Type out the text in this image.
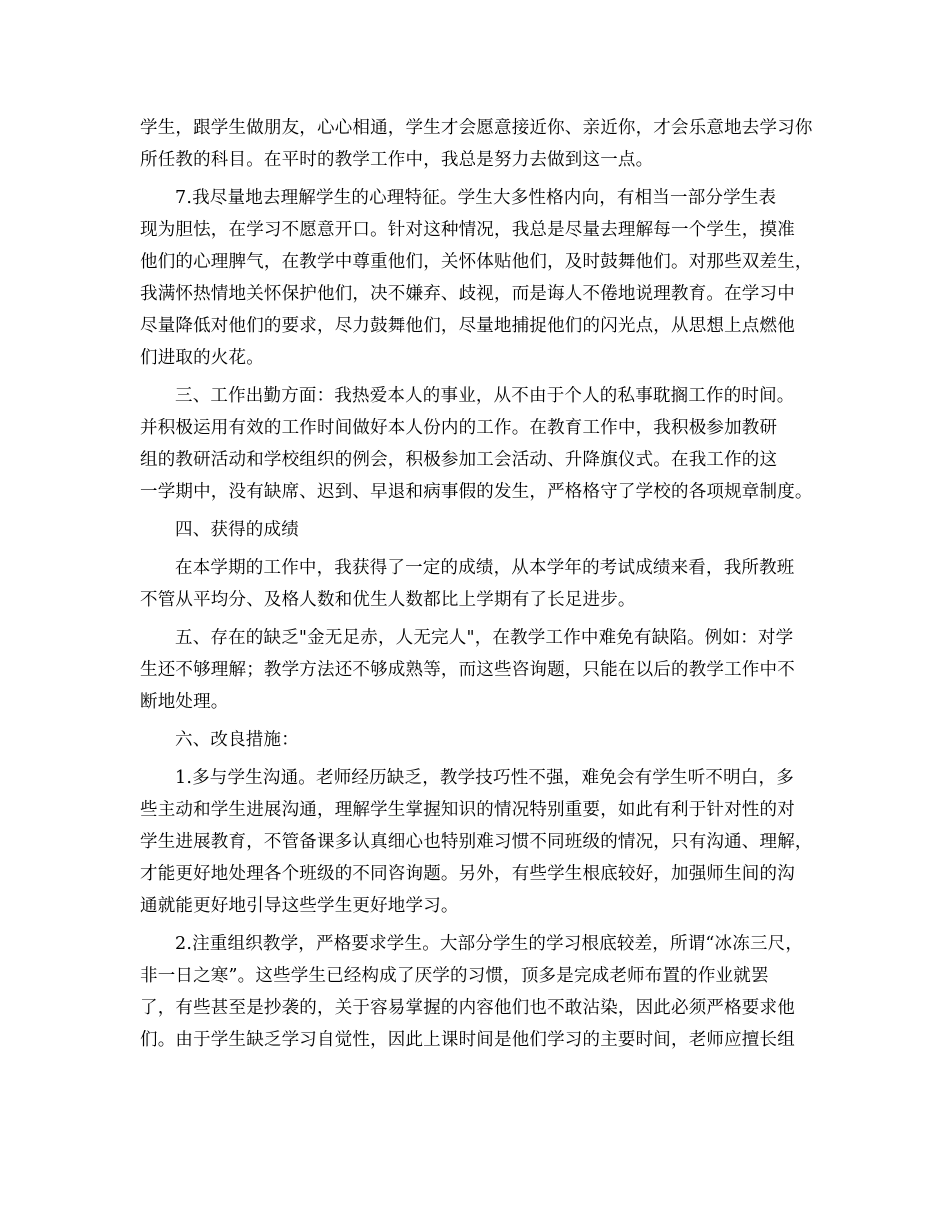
学生，跟学生做朋友，心心相通，学生才会愿意接近你、亲近你，才会乐意地去学习你
所任教的科目。在平时的教学工作中，我总是努力去做到这一点。
7.我尽量地去理解学生的心理特征。学生大多性格内向，有相当一部分学生表
现为胆怯，在学习不愿意开口。针对这种情况，我总是尽量去理解每一个学生，摸准
他们的心理脾气，在教学中尊重他们，关怀体贴他们，及时鼓舞他们。对那些双差生，
我满怀热情地关怀保护他们，决不嫌弃、歧视，而是诲人不倦地说理教育。在学习中
尽量降低对他们的要求，尽力鼓舞他们，尽量地捕捉他们的闪光点，从思想上点燃他
们进取的火花。
三、工作出勤方面：我热爱本人的事业，从不由于个人的私事耽搁工作的时间。
并积极运用有效的工作时间做好本人份内的工作。在教育工作中，我积极参加教研
组的教研活动和学校组织的例会，积极参加工会活动、升降旗仪式。在我工作的这
一学期中，没有缺席、迟到、早退和病事假的发生，严格格守了学校的各项规章制度。
四、获得的成绩
在本学期的工作中，我获得了一定的成绩，从本学年的考试成绩来看，我所教班
不管从平均分、及格人数和优生人数都比上学期有了长足进步。
五、存在的缺乏"金无足赤，人无完人"，在教学工作中难免有缺陷。例如：对学
生还不够理解；教学方法还不够成熟等，而这些咨询题，只能在以后的教学工作中不
断地处理。
六、改良措施：
1.多与学生沟通。老师经历缺乏，教学技巧性不强，难免会有学生听不明白，多
些主动和学生进展沟通，理解学生掌握知识的情况特别重要，如此有利于针对性的对
学生进展教育，不管备课多认真细心也特别难习惯不同班级的情况，只有沟通、理解，
才能更好地处理各个班级的不同咨询题。另外，有些学生根底较好，加强师生间的沟
通就能更好地引导这些学生更好地学习。
2.注重组织教学，严格要求学生。大部分学生的学习根底较差，所谓“冰冻三尺，
非一日之寒”。这些学生已经构成了厌学的习惯，顶多是完成老师布置的作业就罢
了，有些甚至是抄袭的，关于容易掌握的内容他们也不敢沾染，因此必须严格要求他
们。由于学生缺乏学习自觉性，因此上课时间是他们学习的主要时间，老师应擅长组
